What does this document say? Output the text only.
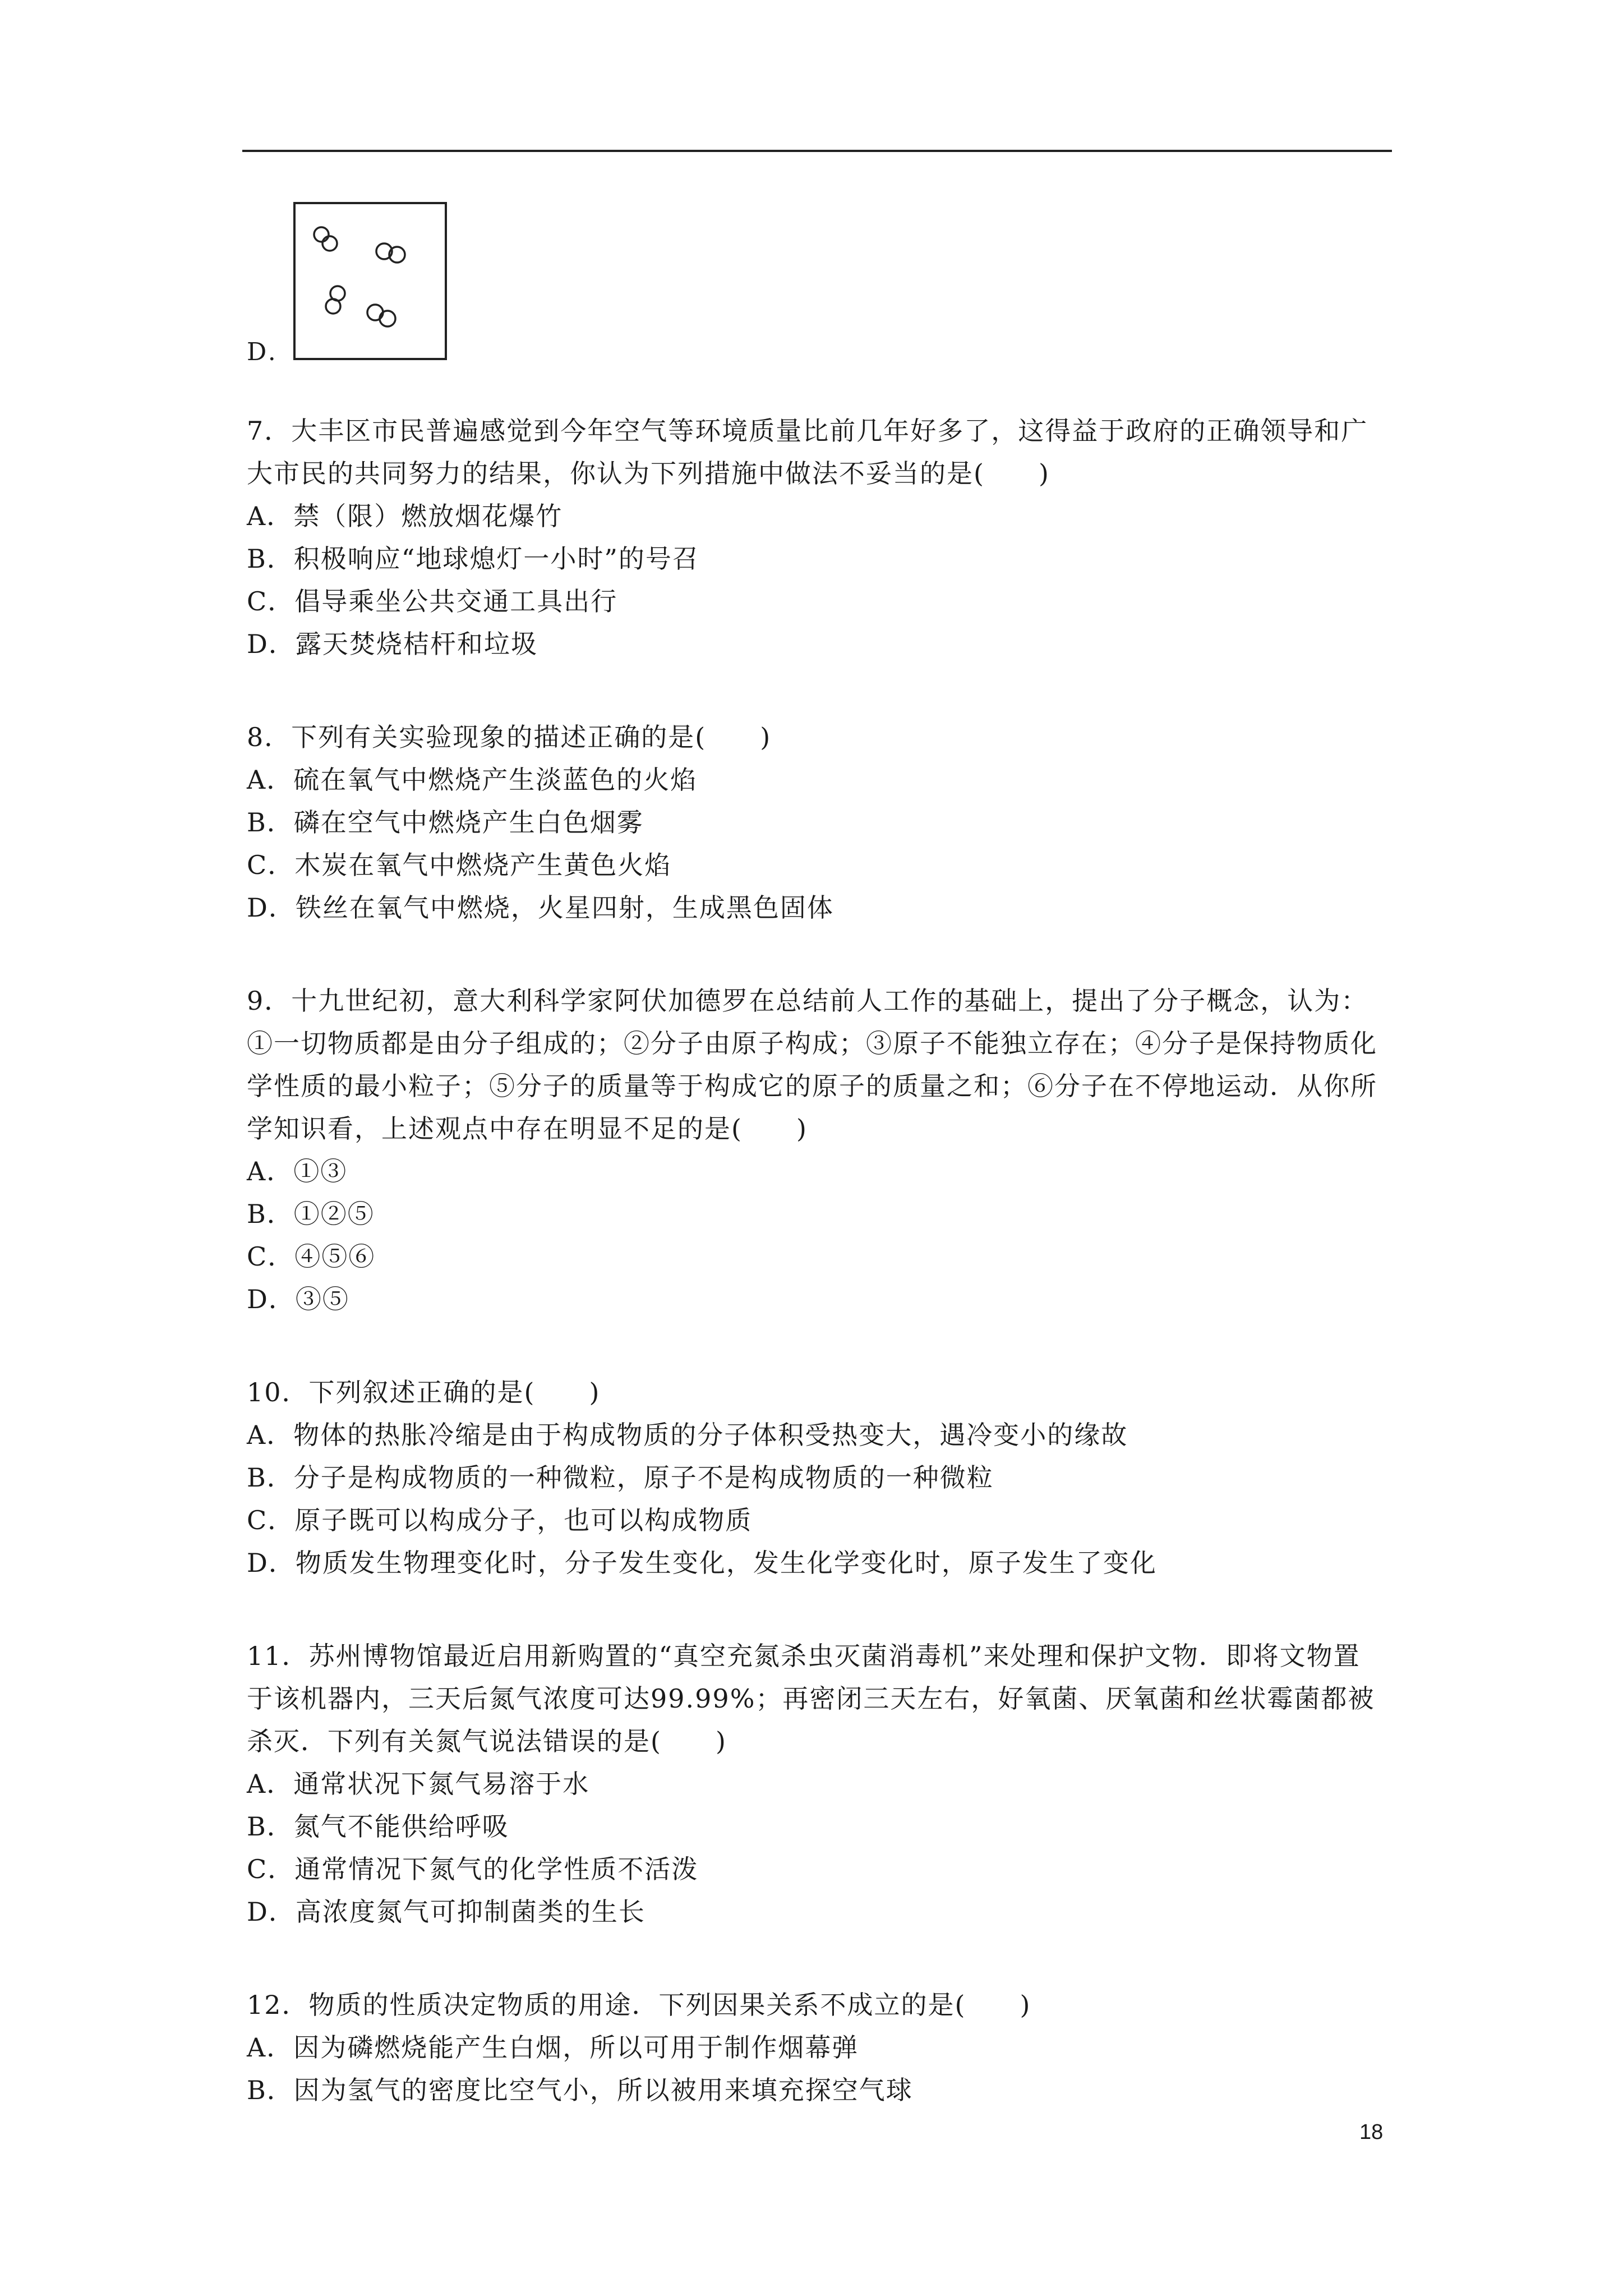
D.

7．大丰区市民普遍感觉到今年空气等环境质量比前几年好多了，这得益于政府的正确领导和广大市民的共同努力的结果，你认为下列措施中做法不妥当的是(　　)

A．禁（限）燃放烟花爆竹

B．积极响应“地球熄灯一小时”的号召

C．倡导乘坐公共交通工具出行

D．露天焚烧桔杆和垃圾

8．下列有关实验现象的描述正确的是(　　)

A．硫在氧气中燃烧产生淡蓝色的火焰

B．磷在空气中燃烧产生白色烟雾

C．木炭在氧气中燃烧产生黄色火焰

D．铁丝在氧气中燃烧，火星四射，生成黑色固体

9．十九世纪初，意大利科学家阿伏加德罗在总结前人工作的基础上，提出了分子概念，认为：①一切物质都是由分子组成的；②分子由原子构成；③原子不能独立存在；④分子是保持物质化学性质的最小粒子；⑤分子的质量等于构成它的原子的质量之和；⑥分子在不停地运动．从你所学知识看，上述观点中存在明显不足的是(　　)

A．①③

B．①②⑤

C．④⑤⑥

D．③⑤

10．下列叙述正确的是(　　)

A．物体的热胀冷缩是由于构成物质的分子体积受热变大，遇冷变小的缘故

B．分子是构成物质的一种微粒，原子不是构成物质的一种微粒

C．原子既可以构成分子，也可以构成物质

D．物质发生物理变化时，分子发生变化，发生化学变化时，原子发生了变化

11．苏州博物馆最近启用新购置的“真空充氮杀虫灭菌消毒机”来处理和保护文物．即将文物置于该机器内，三天后氮气浓度可达99.99%；再密闭三天左右，好氧菌、厌氧菌和丝状霉菌都被杀灭．下列有关氮气说法错误的是(　　)

A．通常状况下氮气易溶于水

B．氮气不能供给呼吸

C．通常情况下氮气的化学性质不活泼

D．高浓度氮气可抑制菌类的生长

12．物质的性质决定物质的用途．下列因果关系不成立的是(　　)

A．因为磷燃烧能产生白烟，所以可用于制作烟幕弹

B．因为氢气的密度比空气小，所以被用来填充探空气球

18
